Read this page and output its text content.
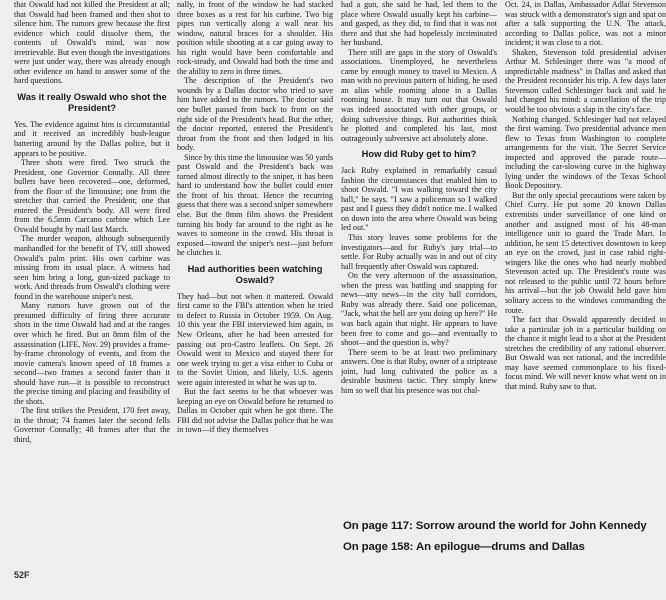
that Oswald had not killed the President at all; that Oswald had been framed and then shot to silence him. The rumors grew because the first evidence which could dissolve them, the contents of Oswald's mind, was now irretrievable. But even though the investigations were just under way, there was already enough other evidence on hand to answer some of the hard questions.

Was it really Oswald who shot the President?

Yes. The evidence against him is circumstantial and it received an incredibly bush-league battering around by the Dallas police, but it appears to be positive.

Three shots were fired. Two struck the President, one Governor Connally. All three bullets have been recovered—one, deformed, from the floor of the limousine; one from the stretcher that carried the President; one that entered the President's body. All were fired from the 6.5mm Carcano carbine which Lee Oswald bought by mail last March.

The murder weapon, although subsequently manhandled for the benefit of TV, still showed Oswald's palm print. His own carbine was missing from its usual place. A witness had seen him bring a long, gun-sized package to work. And threads from Oswald's clothing were found in the warehouse sniper's nest.

Many rumors have grown out of the presumed difficulty of firing three accurate shots in the time Oswald had and at the ranges over which he fired. But an 8mm film of the assassination (LIFE, Nov. 29) provides a frame-by-frame chronology of events, and from the movie camera's known speed of 18 frames a second—two frames a second faster than it should have run—it is possible to reconstruct the precise timing and placing and feasibility of the shots.

The first strikes the President, 170 feet away, in the throat; 74 frames later the second fells Governor Connally; 48 frames after that the third,

nally, in front of the window he had stacked three boxes as a rest for his carbine. Two big pipes run vertically along a wall near his window, natural braces for a shoulder. His position while shooting at a car going away to his right would have been comfortable and rock-steady, and Oswald had both the time and the ability to zero in three times.

The description of the President's two wounds by a Dallas doctor who tried to save him have added to the rumors. The doctor said one bullet passed from back to front on the right side of the President's head. But the other, the doctor reported, entered the President's throat from the front and then lodged in his body.

Since by this time the limousine was 50 yards past Oswald and the President's back was turned almost directly to the sniper, it has been hard to understand how the bullet could enter the front of his throat. Hence the recurring guess that there was a second sniper somewhere else. But the 8mm film shows the President turning his body far around to the right as he waves to someone in the crowd. His throat is exposed—toward the sniper's nest—just before he clutches it.

Had authorities been watching Oswald?

They had—but not when it mattered. Oswald first came to the FBI's attention when he tried to defect to Russia in October 1959. On Aug. 10 this year the FBI interviewed him again, in New Orleans, after he had been arrested for passing out pro-Castro leaflets. On Sept. 26 Oswald went to Mexico and stayed there for one week trying to get a visa either to Cuba or to the Soviet Union, and likely, U.S. agents were again interested in what he was up to.

But the fact seems to be that whoever was keeping an eye on Oswald before he returned to Dallas in October quit when he got there. The FBI did not advise the Dallas police that he was in town—if they themselves

had a gun, she said he had, led them to the place where Oswald usually kept his carbine—and gasped, as they did, to find that it was not there and that she had hopelessly incriminated her husband.

There still are gaps in the story of Oswald's associations. Unemployed, he nevertheless came by enough money to travel to Mexico. A man with no previous pattern of hiding, he used an alias while rooming alone in a Dallas rooming house. It may turn out that Oswald was indeed associated with other groups, or doing subversive things. But authorities think he plotted and completed his last, most outrageously subversive act absolutely alone.

How did Ruby get to him?

Jack Ruby explained in remarkably casual fashion the circumstances that enabled him to shoot Oswald. "I was walking toward the city hall," he says. "I saw a policeman so I walked past and I guess they didn't notice me. I walked on down into the area where Oswald was being led out."

This story leaves some problems for the investigators—and for Ruby's jury trial—to settle. For Ruby actually was in and out of city hall frequently after Oswald was captured.

On the very afternoon of the assassination, when the press was battling and snapping for news—any news—in the city hall corridors, Ruby was already there. Said one policeman, "Jack, what the hell are you doing up here?" He was back again that night. He appears to have been free to come and go—and eventually to shoot—and the question is, why?

There seem to be at least two preliminary answers. One is that Ruby, owner of a striptease joint, had long cultivated the police as a desirable business tactic. They simply knew him so well that his presence was not chal-

Oct. 24, in Dallas, Ambassador Adlai Stevenson was struck with a demonstrator's sign and spat on after a talk supporting the U.N. The attack, according to Dallas police, was not a minor incident; it was close to a riot.

Shaken, Stevenson told presidential adviser Arthur M. Schlesinger there was "a mood of unpredictable madness" in Dallas and asked that the President reconsider his trip. A few days later Stevenson called Schlesinger back and said he had changed his mind: a cancellation of the trip would be too obvious a slap in the city's face.

Nothing changed. Schlesinger had not relayed the first warning. Two presidential advance men flew to Texas from Washington to complete arrangements for the visit. The Secret Service inspected and approved the parade route—including the car-slowing curve in the highway lying under the windows of the Texas School Book Depository.

But the only special precautions were taken by Chief Curry. He put some 20 known Dallas extremists under surveillance of one kind or another and assigned most of his 48-man intelligence unit to guard the Trade Mart. In addition, he sent 15 detectives downtown to keep an eye on the crowd, just in case rabid right-wingers like the ones who had nearly mobbed Stevenson acted up. The President's route was not released to the public until 72 hours before his arrival—but the job Oswald held gave him solitary access to the windows commanding the route.

The fact that Oswald apparently decided to take a particular job in a particular building on the chance it might lead to a shot at the President stretches the credibility of any rational observer. But Oswald was not rational, and the incredible may have seemed commonplace to his fixed-focus mind. We will never know what went on in that mind. Ruby saw to that.

On page 117: Sorrow around the world for John Kennedy
On page 158: An epilogue—drums and Dallas
52F
